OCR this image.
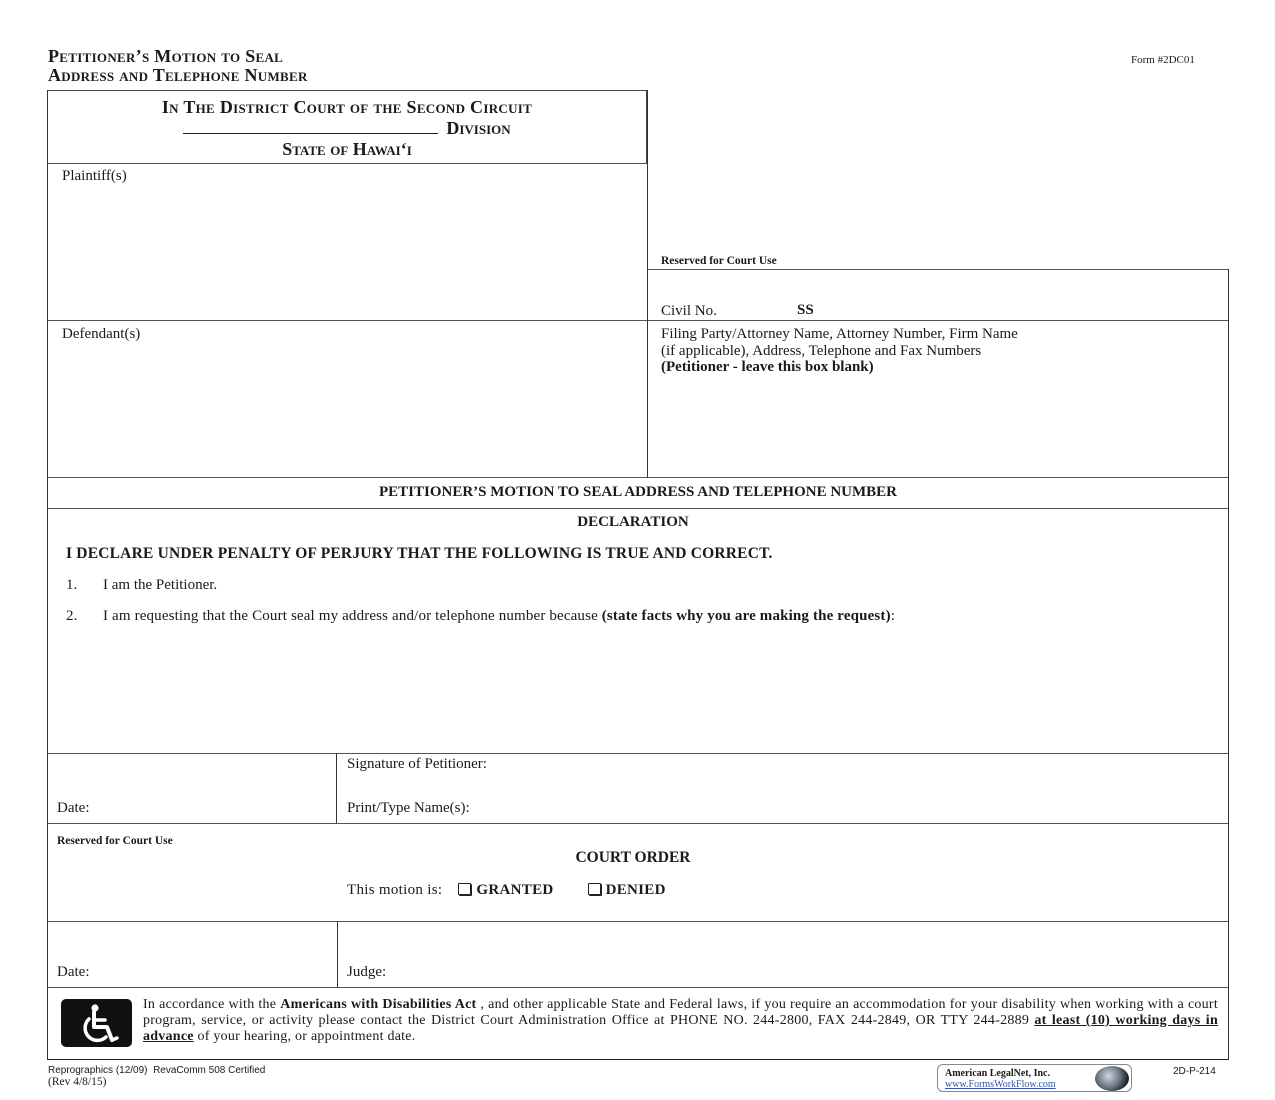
Petitioner’s Motion to Seal
Address and Telephone Number
Form #2DC01
In The District Court of the Second Circuit
Division
State of Hawai‘i
Plaintiff(s)
Defendant(s)
Reserved for Court Use
Civil No.	SS
Filing Party/Attorney Name, Attorney Number, Firm Name
(if applicable), Address, Telephone and Fax Numbers
(Petitioner - leave this box blank)
PETITIONER’S MOTION TO SEAL ADDRESS AND TELEPHONE NUMBER
DECLARATION
I DECLARE UNDER PENALTY OF PERJURY THAT THE FOLLOWING IS TRUE AND CORRECT.
1. I am the Petitioner.
2. I am requesting that the Court seal my address and/or telephone number because (state facts why you are making the request):
Date:
Signature of Petitioner:
Print/Type Name(s):
Reserved for Court Use
COURT ORDER
This motion is: GRANTED	DENIED
Date:	Judge:
In accordance with the Americans with Disabilities Act , and other applicable State and Federal laws, if you require an accommodation for your disability when working with a court program, service, or activity please contact the District Court Administration Office at PHONE NO. 244-2800, FAX 244-2849, OR TTY 244-2889 at least (10) working days in advance of your hearing, or appointment date.
Reprographics (12/09) RevaComm 508 Certified
(Rev 4/8/15)
American LegalNet, Inc.
www.FormsWorkFlow.com
2D-P-214
